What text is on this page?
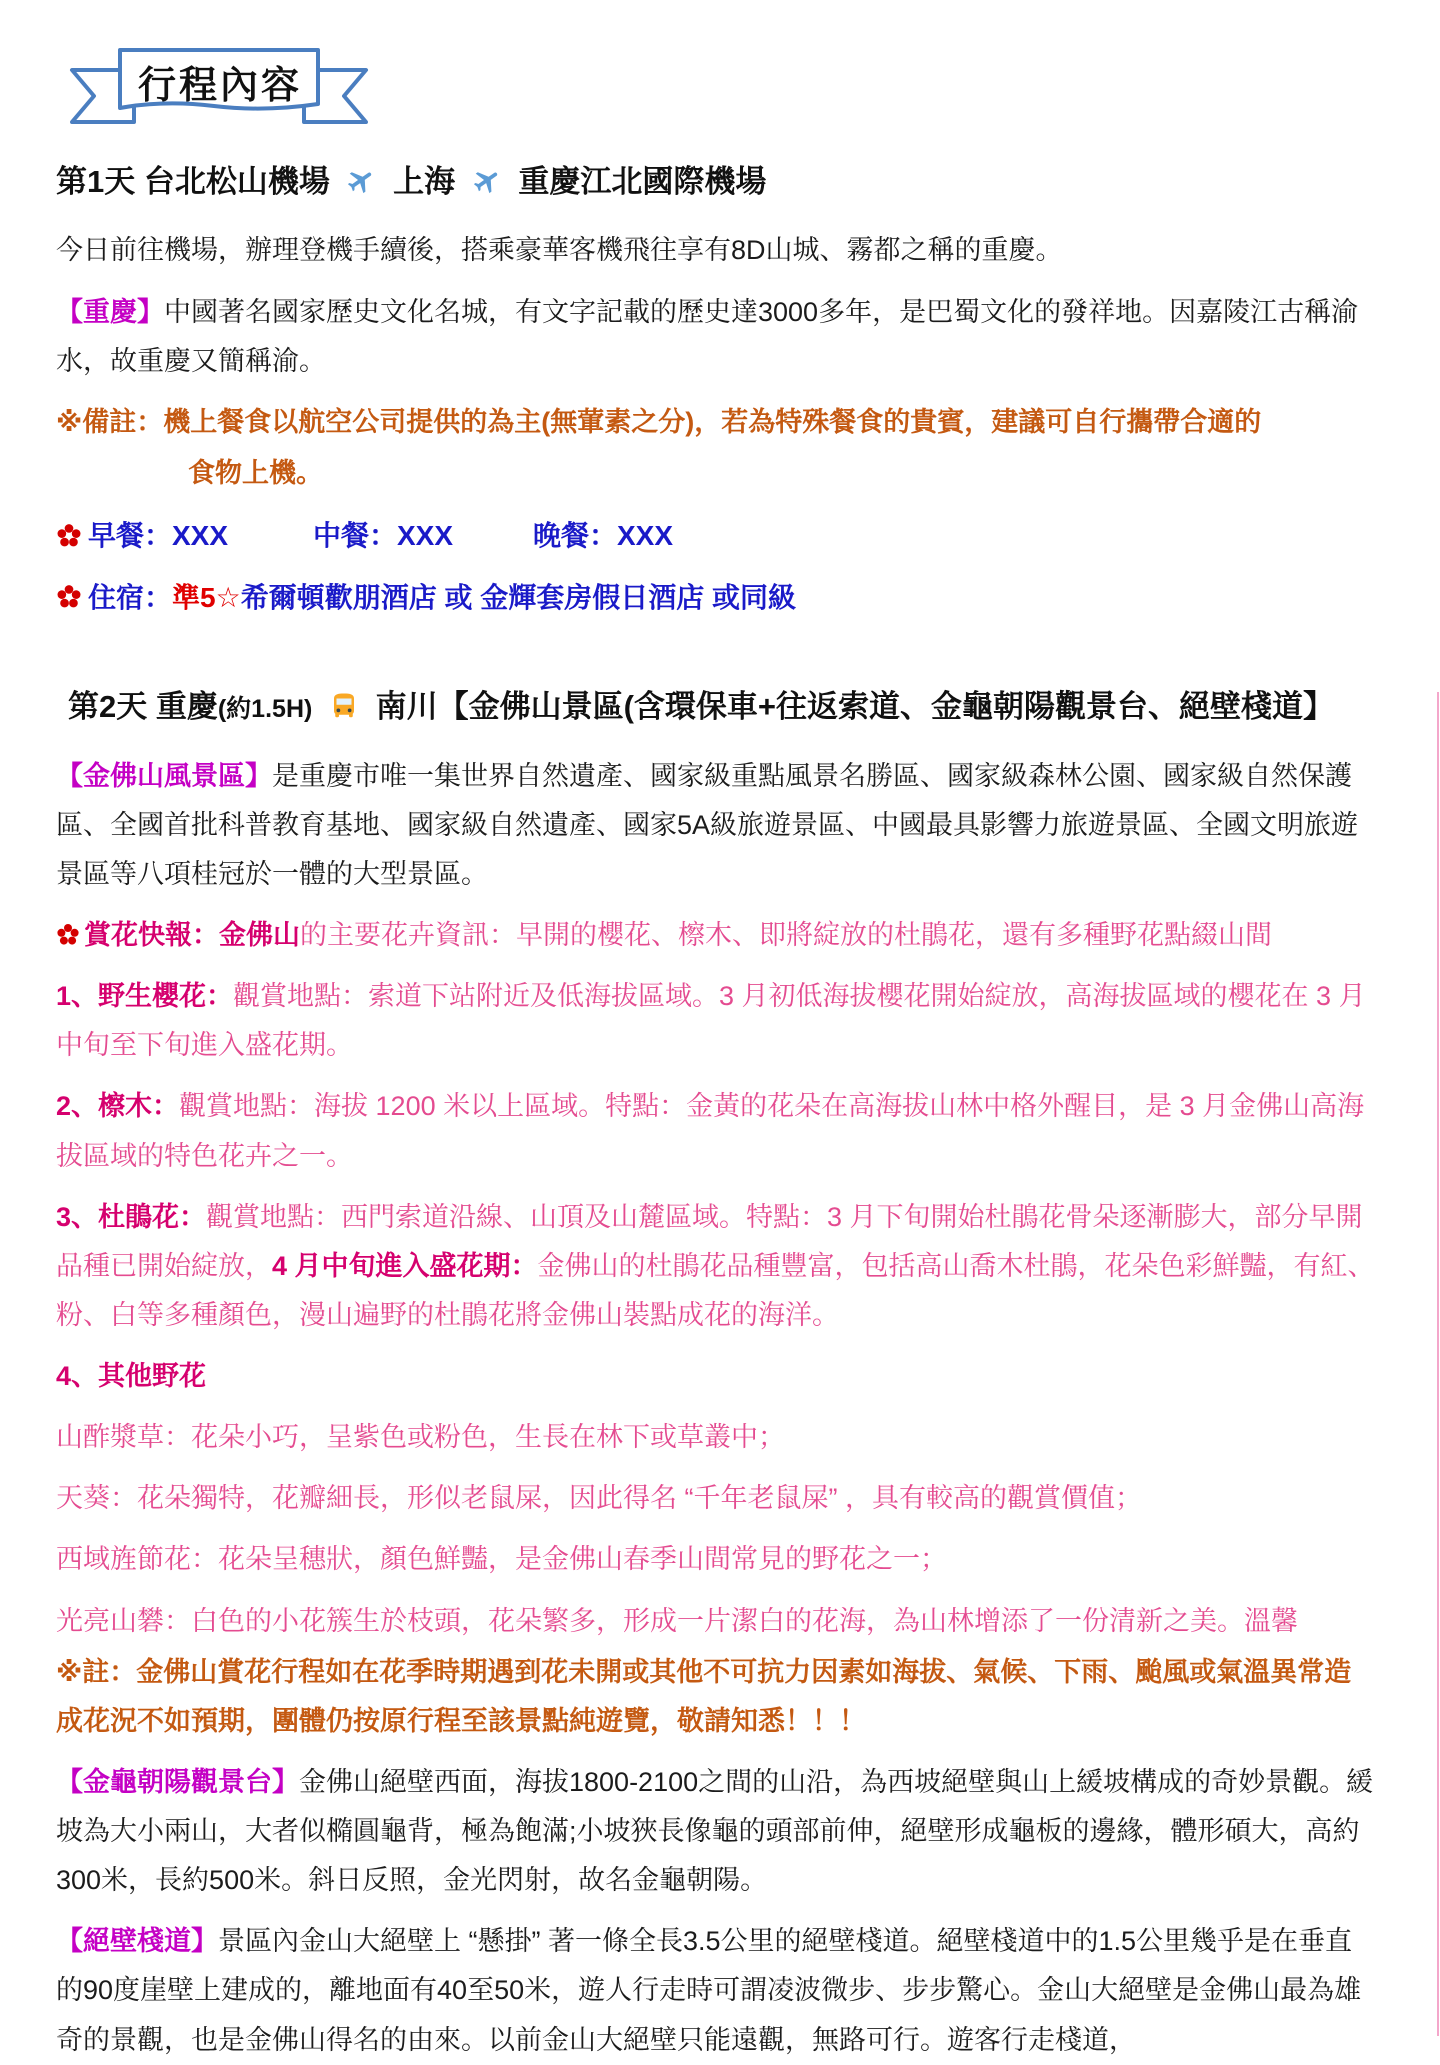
行程內容
第1天 台北松山機場 上海 重慶江北國際機場

今日前往機場，辦理登機手續後，搭乘豪華客機飛往享有8D山城、霧都之稱的重慶。

【重慶】中國著名國家歷史文化名城，有文字記載的歷史達3000多年，是巴蜀文化的發祥地。因嘉陵江古稱渝水，故重慶又簡稱渝。

※備註：機上餐食以航空公司提供的為主(無葷素之分)，若為特殊餐食的貴賓，建議可自行攜帶合適的

食物上機。

早餐：XXX	中餐：XXX	晚餐：XXX
住宿： 準5☆ 希爾頓歡朋酒店 或 金輝套房假日酒店 或同級
第2天 重慶(約1.5H) 南川【金佛山景區(含環保車+往返索道、金龜朝陽觀景台、絕壁棧道】

【金佛山風景區】是重慶市唯一集世界自然遺產、國家級重點風景名勝區、國家級森林公園、國家級自然保護區、全國首批科普教育基地、國家級自然遺產、國家5A級旅遊景區、中國最具影響力旅遊景區、全國文明旅遊景區等八項桂冠於一體的大型景區。

賞花快報：金佛山的主要花卉資訊：早開的櫻花、檫木、即將綻放的杜鵑花，還有多種野花點綴山間

1、野生櫻花：觀賞地點：索道下站附近及低海拔區域。3 月初低海拔櫻花開始綻放，高海拔區域的櫻花在 3 月中旬至下旬進入盛花期。

2、檫木：觀賞地點：海拔 1200 米以上區域。特點：金黃的花朵在高海拔山林中格外醒目，是 3 月金佛山高海拔區域的特色花卉之一。

3、杜鵑花：觀賞地點：西門索道沿線、山頂及山麓區域。特點：3 月下旬開始杜鵑花骨朵逐漸膨大，部分早開品種已開始綻放，4 月中旬進入盛花期：金佛山的杜鵑花品種豐富，包括高山喬木杜鵑，花朵色彩鮮豔，有紅、粉、白等多種顏色，漫山遍野的杜鵑花將金佛山裝點成花的海洋。

4、其他野花

山酢漿草：花朵小巧，呈紫色或粉色，生長在林下或草叢中；

天葵：花朵獨特，花瓣細長，形似老鼠屎，因此得名 “千年老鼠屎” ，具有較高的觀賞價值；

西域旌節花：花朵呈穗狀，顏色鮮豔，是金佛山春季山間常見的野花之一；

光亮山礬：白色的小花簇生於枝頭，花朵繁多，形成一片潔白的花海，為山林增添了一份清新之美。溫馨

※註：金佛山賞花行程如在花季時期遇到花未開或其他不可抗力因素如海拔、氣候、下雨、颱風或氣溫異常造成花況不如預期，團體仍按原行程至該景點純遊覽，敬請知悉！！！

【金龜朝陽觀景台】金佛山絕壁西面，海拔1800-2100之間的山沿，為西坡絕壁與山上緩坡構成的奇妙景觀。緩坡為大小兩山，大者似橢圓龜背，極為飽滿;小坡狹長像龜的頭部前伸，絕壁形成龜板的邊緣，體形碩大，高約300米，長約500米。斜日反照，金光閃射，故名金龜朝陽。

【絕壁棧道】景區內金山大絕壁上 “懸掛” 著一條全長3.5公里的絕壁棧道。絕壁棧道中的1.5公里幾乎是在垂直的90度崖壁上建成的，離地面有40至50米，遊人行走時可謂凌波微步、步步驚心。金山大絕壁是金佛山最為雄奇的景觀，也是金佛山得名的由來。以前金山大絕壁只能遠觀，無路可行。遊客行走棧道，
